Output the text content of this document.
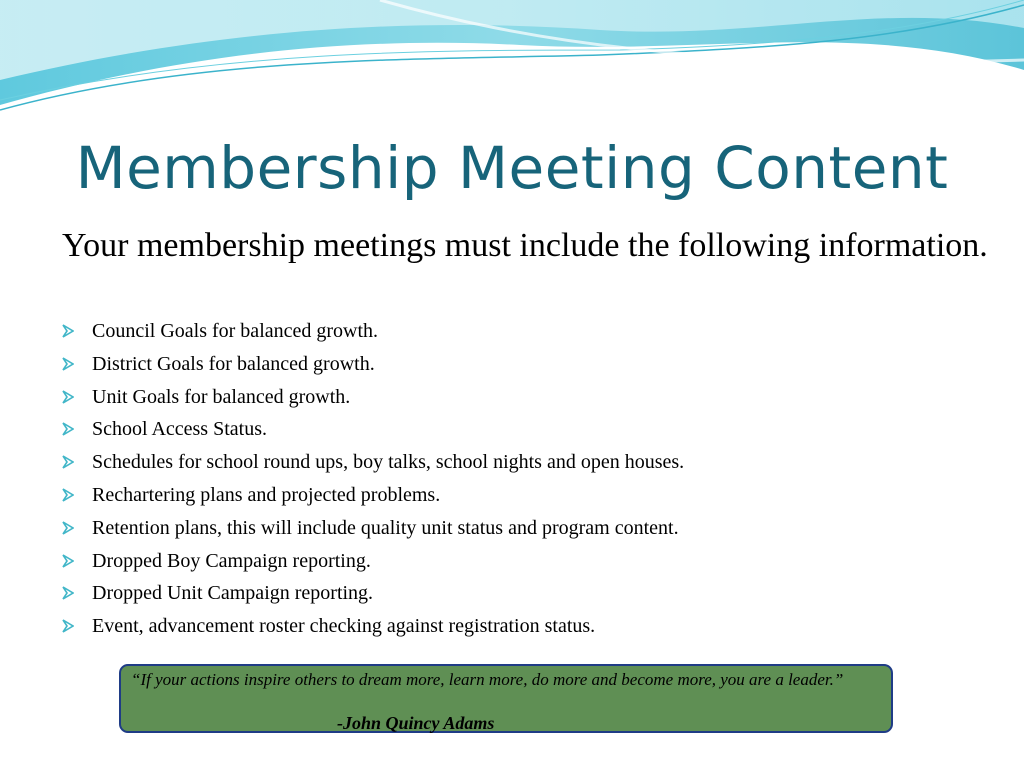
Membership Meeting Content
Your membership meetings must include the following information.
Council Goals for balanced growth.
District Goals for balanced growth.
Unit Goals for balanced growth.
School Access Status.
Schedules for school round ups, boy talks, school nights and open houses.
Rechartering plans and projected problems.
Retention plans, this will include quality unit status and program content.
Dropped Boy Campaign reporting.
Dropped Unit Campaign reporting.
Event, advancement roster checking against registration status.
“If your actions inspire others to dream more, learn more, do more and become more, you are a leader.”
-John Quincy Adams
